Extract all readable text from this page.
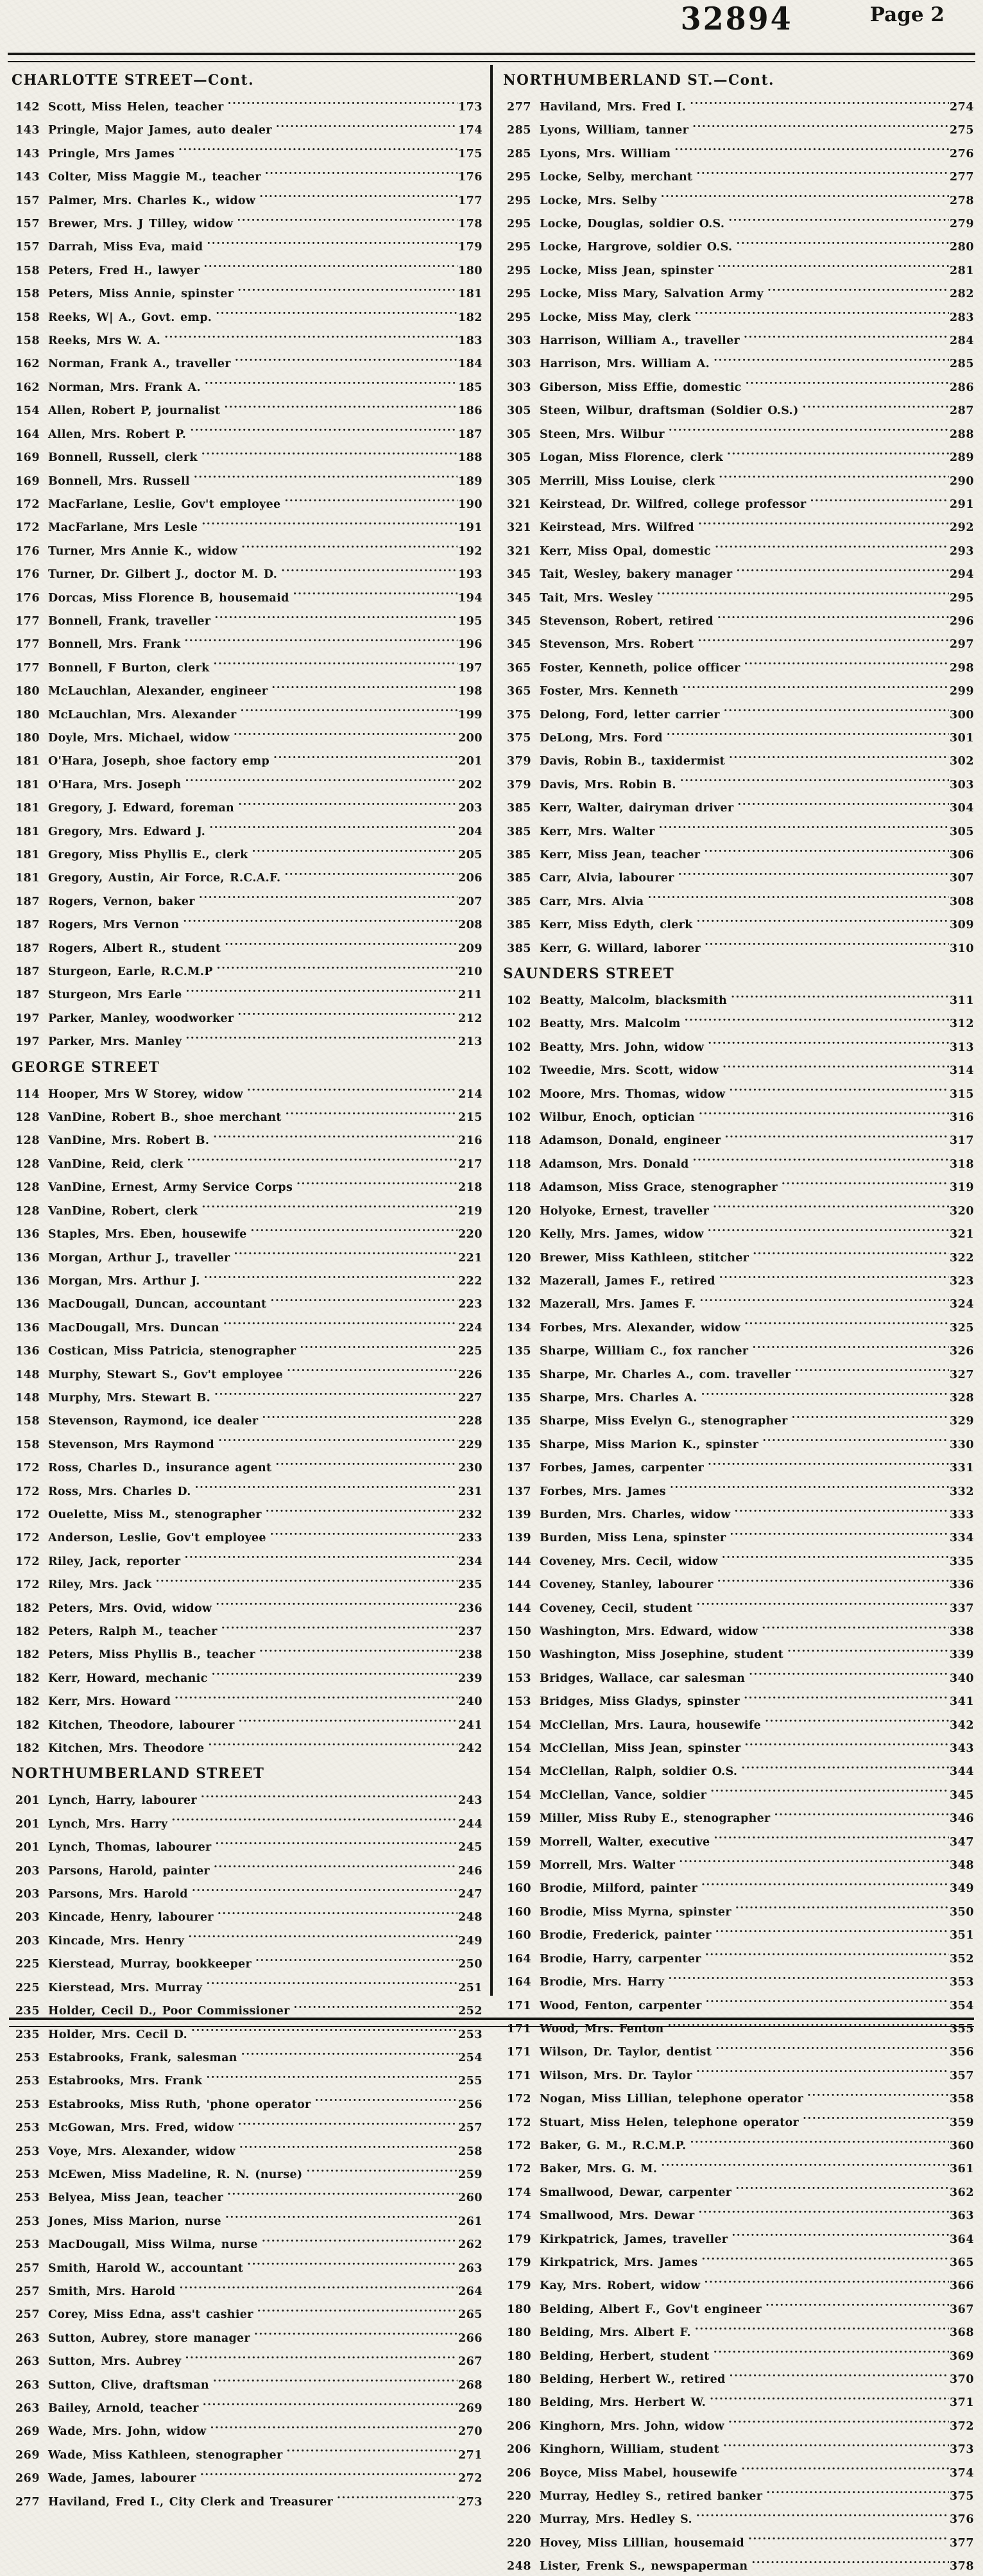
32894	Page 2
CHARLOTTE STREET—Cont.
142 Scott, Miss Helen, teacher .....	173
143 Pringle, Major James, auto dealer .....	174
143 Pringle, Mrs James .....	175
143 Colter, Miss Maggie M., teacher .....	176
157 Palmer, Mrs. Charles K., widow .....	177
157 Brewer, Mrs. J Tilley, widow .....	178
157 Darrah, Miss Eva, maid .....	179
158 Peters, Fred H., lawyer .....	180
158 Peters, Miss Annie, spinster .....	181
158 Reeks, W| A., Govt. emp. .....	182
158 Reeks, Mrs W. A. .....	183
162 Norman, Frank A., traveller .....	184
162 Norman, Mrs. Frank A. .....	185
154 Allen, Robert P, journalist .....	186
164 Allen, Mrs. Robert P. .....	187
169 Bonnell, Russell, clerk .....	188
169 Bonnell, Mrs. Russell .....	189
172 MacFarlane, Leslie, Gov't employee .....	190
172 MacFarlane, Mrs Lesle .....	191
176 Turner, Mrs Annie K., widow .....	192
176 Turner, Dr. Gilbert J., doctor M. D. .....	193
176 Dorcas, Miss Florence B, housemaid .....	194
177 Bonnell, Frank, traveller .....	195
177 Bonnell, Mrs. Frank .....	196
177 Bonnell, F Burton, clerk .....	197
180 McLauchlan, Alexander, engineer .....	198
180 McLauchlan, Mrs. Alexander .....	199
180 Doyle, Mrs. Michael, widow .....	200
181 O'Hara, Joseph, shoe factory emp .....	201
181 O'Hara, Mrs. Joseph .....	202
181 Gregory, J. Edward, foreman .....	203
181 Gregory, Mrs. Edward J. .....	204
181 Gregory, Miss Phyllis E., clerk .....	205
181 Gregory, Austin, Air Force, R.C.A.F. .....	206
187 Rogers, Vernon, baker .....	207
187 Rogers, Mrs Vernon .....	208
187 Rogers, Albert R., student .....	209
187 Sturgeon, Earle, R.C.M.P .....	210
187 Sturgeon, Mrs Earle .....	211
197 Parker, Manley, woodworker .....	212
197 Parker, Mrs. Manley .....	213
GEORGE STREET
114 Hooper, Mrs W Storey, widow .....	214
128 VanDine, Robert B., shoe merchant .....	215
128 VanDine, Mrs. Robert B. .....	216
128 VanDine, Reid, clerk .....	217
128 VanDine, Ernest, Army Service Corps .....	218
128 VanDine, Robert, clerk .....	219
136 Staples, Mrs. Eben, housewife .....	220
136 Morgan, Arthur J., traveller .....	221
136 Morgan, Mrs. Arthur J. .....	222
136 MacDougall, Duncan, accountant .....	223
136 MacDougall, Mrs. Duncan .....	224
136 Costican, Miss Patricia, stenographer .....	225
148 Murphy, Stewart S., Gov't employee .....	226
148 Murphy, Mrs. Stewart B. .....	227
158 Stevenson, Raymond, ice dealer .....	228
158 Stevenson, Mrs Raymond .....	229
172 Ross, Charles D., insurance agent .....	230
172 Ross, Mrs. Charles D. .....	231
172 Ouelette, Miss M., stenographer .....	232
172 Anderson, Leslie, Gov't employee .....	233
172 Riley, Jack, reporter .....	234
172 Riley, Mrs. Jack .....	235
182 Peters, Mrs. Ovid, widow .....	236
182 Peters, Ralph M., teacher .....	237
182 Peters, Miss Phyllis B., teacher .....	238
182 Kerr, Howard, mechanic .....	239
182 Kerr, Mrs. Howard .....	240
182 Kitchen, Theodore, labourer .....	241
182 Kitchen, Mrs. Theodore .....	242
NORTHUMBERLAND STREET
201 Lynch, Harry, labourer .....	243
201 Lynch, Mrs. Harry .....	244
201 Lynch, Thomas, labourer .....	245
203 Parsons, Harold, painter .....	246
203 Parsons, Mrs. Harold .....	247
203 Kincade, Henry, labourer .....	248
203 Kincade, Mrs. Henry .....	249
225 Kierstead, Murray, bookkeeper .....	250
225 Kierstead, Mrs. Murray .....	251
235 Holder, Cecil D., Poor Commissioner .....	252
235 Holder, Mrs. Cecil D. .....	253
253 Estabrooks, Frank, salesman .....	254
253 Estabrooks, Mrs. Frank .....	255
253 Estabrooks, Miss Ruth, 'phone operator .....	256
253 McGowan, Mrs. Fred, widow .....	257
253 Voye, Mrs. Alexander, widow .....	258
253 McEwen, Miss Madeline, R. N. (nurse) .....	259
253 Belyea, Miss Jean, teacher .....	260
253 Jones, Miss Marion, nurse .....	261
253 MacDougall, Miss Wilma, nurse .....	262
257 Smith, Harold W., accountant .....	263
257 Smith, Mrs. Harold .....	264
257 Corey, Miss Edna, ass't cashier .....	265
263 Sutton, Aubrey, store manager .....	266
263 Sutton, Mrs. Aubrey .....	267
263 Sutton, Clive, draftsman .....	268
263 Bailey, Arnold, teacher .....	269
269 Wade, Mrs. John, widow .....	270
269 Wade, Miss Kathleen, stenographer .....	271
269 Wade, James, labourer .....	272
277 Haviland, Fred I., City Clerk and Treasurer .....	273
NORTHUMBERLAND ST.—Cont.
277 Haviland, Mrs. Fred I. .....	274
285 Lyons, William, tanner .....	275
285 Lyons, Mrs. William .....	276
295 Locke, Selby, merchant .....	277
295 Locke, Mrs. Selby .....	278
295 Locke, Douglas, soldier O.S. .....	279
295 Locke, Hargrove, soldier O.S. .....	280
295 Locke, Miss Jean, spinster .....	281
295 Locke, Miss Mary, Salvation Army .....	282
295 Locke, Miss May, clerk .....	283
303 Harrison, William A., traveller .....	284
303 Harrison, Mrs. William A. .....	285
303 Giberson, Miss Effie, domestic .....	286
305 Steen, Wilbur, draftsman (Soldier O.S.) .....	287
305 Steen, Mrs. Wilbur .....	288
305 Logan, Miss Florence, clerk .....	289
305 Merrill, Miss Louise, clerk .....	290
321 Keirstead, Dr. Wilfred, college professor .....	291
321 Keirstead, Mrs. Wilfred .....	292
321 Kerr, Miss Opal, domestic .....	293
345 Tait, Wesley, bakery manager .....	294
345 Tait, Mrs. Wesley .....	295
345 Stevenson, Robert, retired .....	296
345 Stevenson, Mrs. Robert .....	297
365 Foster, Kenneth, police officer .....	298
365 Foster, Mrs. Kenneth .....	299
375 Delong, Ford, letter carrier .....	300
375 DeLong, Mrs. Ford .....	301
379 Davis, Robin B., taxidermist .....	302
379 Davis, Mrs. Robin B. .....	303
385 Kerr, Walter, dairyman driver .....	304
385 Kerr, Mrs. Walter .....	305
385 Kerr, Miss Jean, teacher .....	306
385 Carr, Alvia, labourer .....	307
385 Carr, Mrs. Alvia .....	308
385 Kerr, Miss Edyth, clerk .....	309
385 Kerr, G. Willard, laborer .....	310
SAUNDERS STREET
102 Beatty, Malcolm, blacksmith .....	311
102 Beatty, Mrs. Malcolm .....	312
102 Beatty, Mrs. John, widow .....	313
102 Tweedie, Mrs. Scott, widow .....	314
102 Moore, Mrs. Thomas, widow .....	315
102 Wilbur, Enoch, optician .....	316
118 Adamson, Donald, engineer .....	317
118 Adamson, Mrs. Donald .....	318
118 Adamson, Miss Grace, stenographer .....	319
120 Holyoke, Ernest, traveller .....	320
120 Kelly, Mrs. James, widow .....	321
120 Brewer, Miss Kathleen, stitcher .....	322
132 Mazerall, James F., retired .....	323
132 Mazerall, Mrs. James F. .....	324
134 Forbes, Mrs. Alexander, widow .....	325
135 Sharpe, William C., fox rancher .....	326
135 Sharpe, Mr. Charles A., com. traveller .....	327
135 Sharpe, Mrs. Charles A. .....	328
135 Sharpe, Miss Evelyn G., stenographer .....	329
135 Sharpe, Miss Marion K., spinster .....	330
137 Forbes, James, carpenter .....	331
137 Forbes, Mrs. James .....	332
139 Burden, Mrs. Charles, widow .....	333
139 Burden, Miss Lena, spinster .....	334
144 Coveney, Mrs. Cecil, widow .....	335
144 Coveney, Stanley, labourer .....	336
144 Coveney, Cecil, student .....	337
150 Washington, Mrs. Edward, widow .....	338
150 Washington, Miss Josephine, student .....	339
153 Bridges, Wallace, car salesman .....	340
153 Bridges, Miss Gladys, spinster .....	341
154 McClellan, Mrs. Laura, housewife .....	342
154 McClellan, Miss Jean, spinster .....	343
154 McClellan, Ralph, soldier O.S. .....	344
154 McClellan, Vance, soldier .....	345
159 Miller, Miss Ruby E., stenographer .....	346
159 Morrell, Walter, executive .....	347
159 Morrell, Mrs. Walter .....	348
160 Brodie, Milford, painter .....	349
160 Brodie, Miss Myrna, spinster .....	350
160 Brodie, Frederick, painter .....	351
164 Brodie, Harry, carpenter .....	352
164 Brodie, Mrs. Harry .....	353
171 Wood, Fenton, carpenter .....	354
171 Wood, Mrs. Fenton .....	355
171 Wilson, Dr. Taylor, dentist .....	356
171 Wilson, Mrs. Dr. Taylor .....	357
172 Nogan, Miss Lillian, telephone operator .....	358
172 Stuart, Miss Helen, telephone operator .....	359
172 Baker, G. M., R.C.M.P. .....	360
172 Baker, Mrs. G. M. .....	361
174 Smallwood, Dewar, carpenter .....	362
174 Smallwood, Mrs. Dewar .....	363
179 Kirkpatrick, James, traveller .....	364
179 Kirkpatrick, Mrs. James .....	365
179 Kay, Mrs. Robert, widow .....	366
180 Belding, Albert F., Gov't engineer .....	367
180 Belding, Mrs. Albert F. .....	368
180 Belding, Herbert, student .....	369
180 Belding, Herbert W., retired .....	370
180 Belding, Mrs. Herbert W. .....	371
206 Kinghorn, Mrs. John, widow .....	372
206 Kinghorn, William, student .....	373
206 Boyce, Miss Mabel, housewife .....	374
220 Murray, Hedley S., retired banker .....	375
220 Murray, Mrs. Hedley S. .....	376
220 Hovey, Miss Lillian, housemaid .....	377
248 Lister, Frenk S., newspaperman .....	378
